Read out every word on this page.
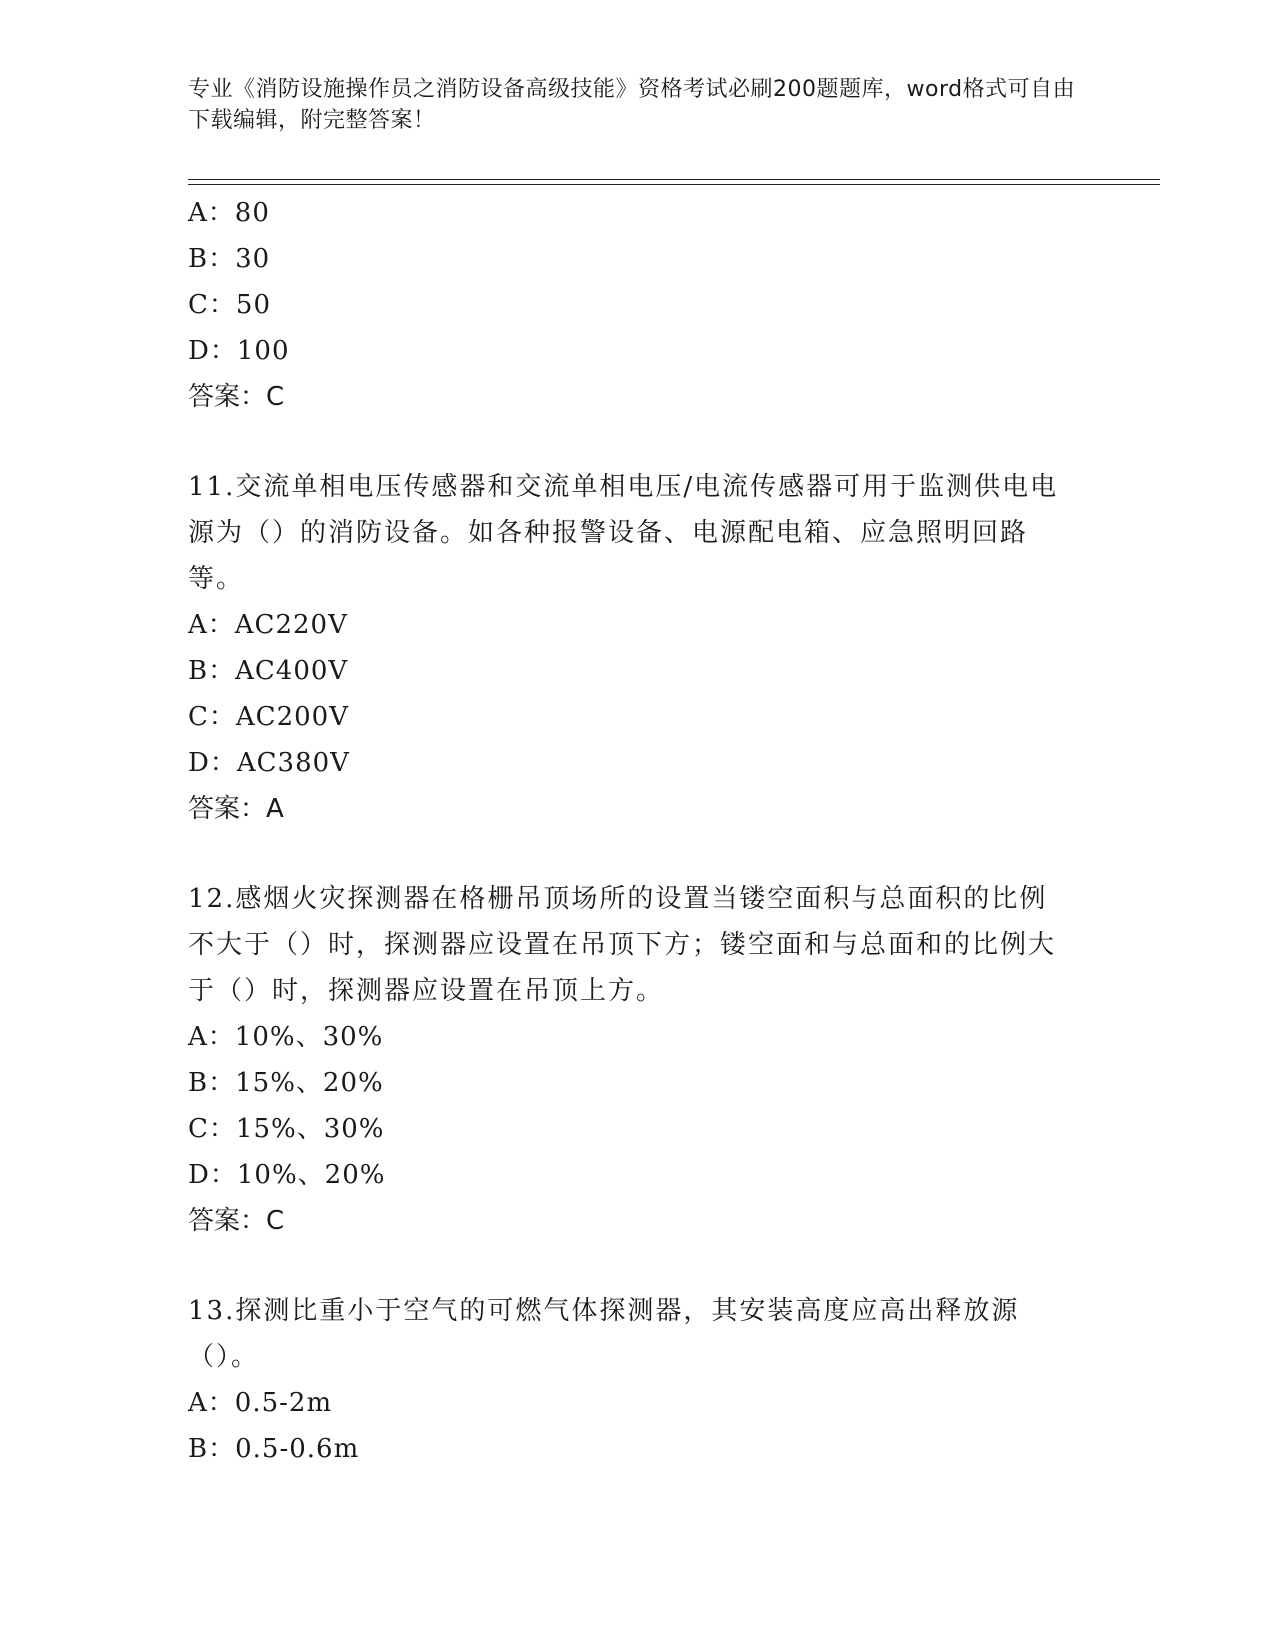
专业《消防设施操作员之消防设备高级技能》资格考试必刷200题题库，word格式可自由下载编辑，附完整答案！
A：80
B：30
C：50
D：100
答案：C
11.交流单相电压传感器和交流单相电压/电流传感器可用于监测供电电源为（）的消防设备。如各种报警设备、电源配电箱、应急照明回路等。
A：AC220V
B：AC400V
C：AC200V
D：AC380V
答案：A
12.感烟火灾探测器在格栅吊顶场所的设置当镂空面积与总面积的比例不大于（）时，探测器应设置在吊顶下方；镂空面和与总面和的比例大于（）时，探测器应设置在吊顶上方。
A：10%、30%
B：15%、20%
C：15%、30%
D：10%、20%
答案：C
13.探测比重小于空气的可燃气体探测器，其安装高度应高出释放源（）。
A：0.5-2m
B：0.5-0.6m
